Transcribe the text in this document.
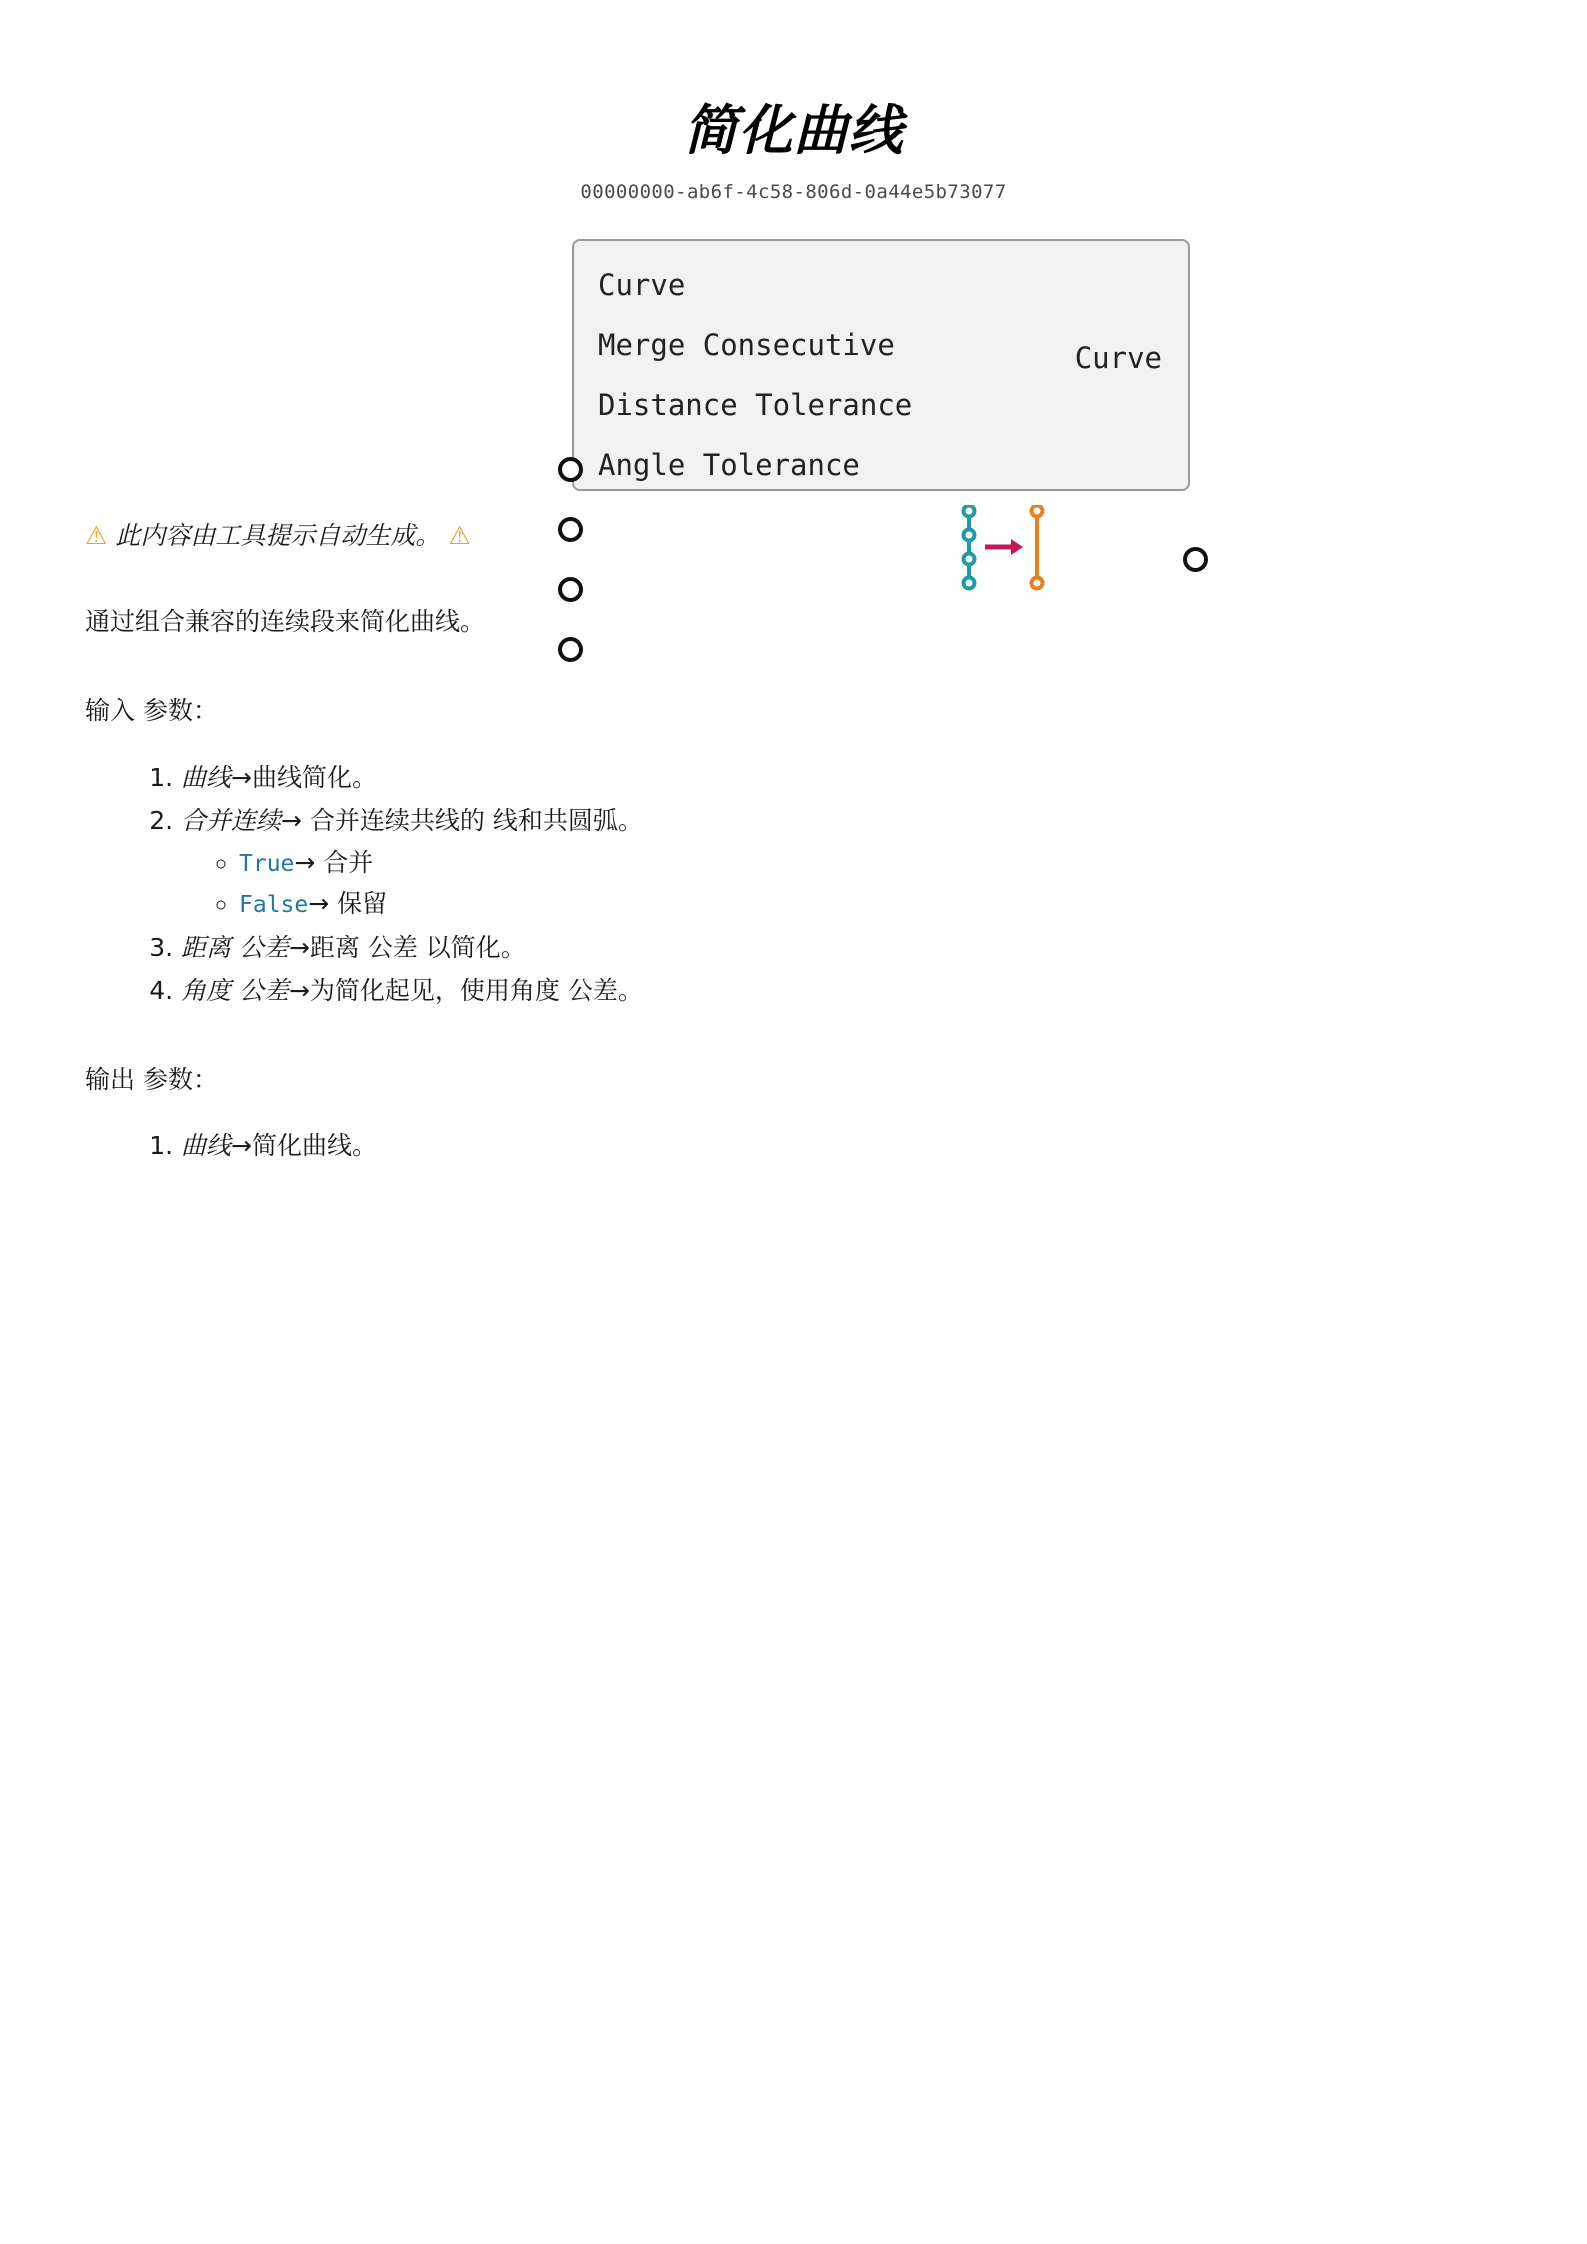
简化曲线
00000000-ab6f-4c58-806d-0a44e5b73077
Curve
Merge Consecutive
Distance Tolerance
Angle Tolerance
Curve

⚠ 此内容由工具提示自动生成。 ⚠

通过组合兼容的连续段来简化曲线。

输入 参数：

1. 曲线→曲线简化。
2. 合并连续→ 合并连续共线的 线和共圆弧。
◦ True→ 合并
◦ False→ 保留
3. 距离 公差→距离 公差 以简化。
4. 角度 公差→为简化起见，使用角度 公差。

输出 参数：

1. 曲线→简化曲线。
